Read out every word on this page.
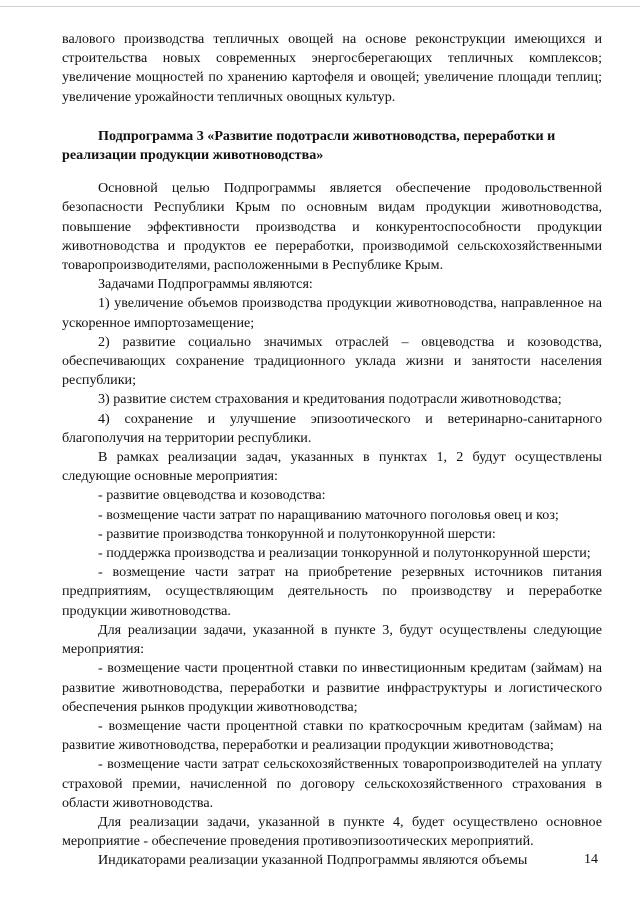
валового производства тепличных овощей на основе реконструкции имеющихся и строительства новых современных энергосберегающих тепличных комплексов; увеличение мощностей по хранению картофеля и овощей; увеличение площади теплиц; увеличение урожайности тепличных овощных культур.

Подпрограмма 3 «Развитие подотрасли животноводства, переработки и реализации продукции животноводства»

Основной целью Подпрограммы является обеспечение продовольственной безопасности Республики Крым по основным видам продукции животноводства, повышение эффективности производства и конкурентоспособности продукции животноводства и продуктов ее переработки, производимой сельскохозяйственными товаропроизводителями, расположенными в Республике Крым.

Задачами Подпрограммы являются:

1) увеличение объемов производства продукции животноводства, направленное на ускоренное импортозамещение;

2) развитие социально значимых отраслей – овцеводства и козоводства, обеспечивающих сохранение традиционного уклада жизни и занятости населения республики;

3) развитие систем страхования и кредитования подотрасли животноводства;

4) сохранение и улучшение эпизоотического и ветеринарно-санитарного благополучия на территории республики.

В рамках реализации задач, указанных в пунктах 1, 2 будут осуществлены следующие основные мероприятия:

- развитие овцеводства и козоводства:

- возмещение части затрат по наращиванию маточного поголовья овец и коз;

- развитие производства тонкорунной и полутонкорунной шерсти:

- поддержка производства и реализации тонкорунной и полутонкорунной шерсти;

- возмещение части затрат на приобретение резервных источников питания предприятиям, осуществляющим деятельность по производству и переработке продукции животноводства.

Для реализации задачи, указанной в пункте 3, будут осуществлены следующие мероприятия:

- возмещение части процентной ставки по инвестиционным кредитам (займам) на развитие животноводства, переработки и развитие инфраструктуры и логистического обеспечения рынков продукции животноводства;

- возмещение части процентной ставки по краткосрочным кредитам (займам) на развитие животноводства, переработки и реализации продукции животноводства;

- возмещение части затрат сельскохозяйственных товаропроизводителей на уплату страховой премии, начисленной по договору сельскохозяйственного страхования в области животноводства.

Для реализации задачи, указанной в пункте 4, будет осуществлено основное мероприятие - обеспечение проведения противоэпизоотических мероприятий.

Индикаторами реализации указанной Подпрограммы являются объемы	14
